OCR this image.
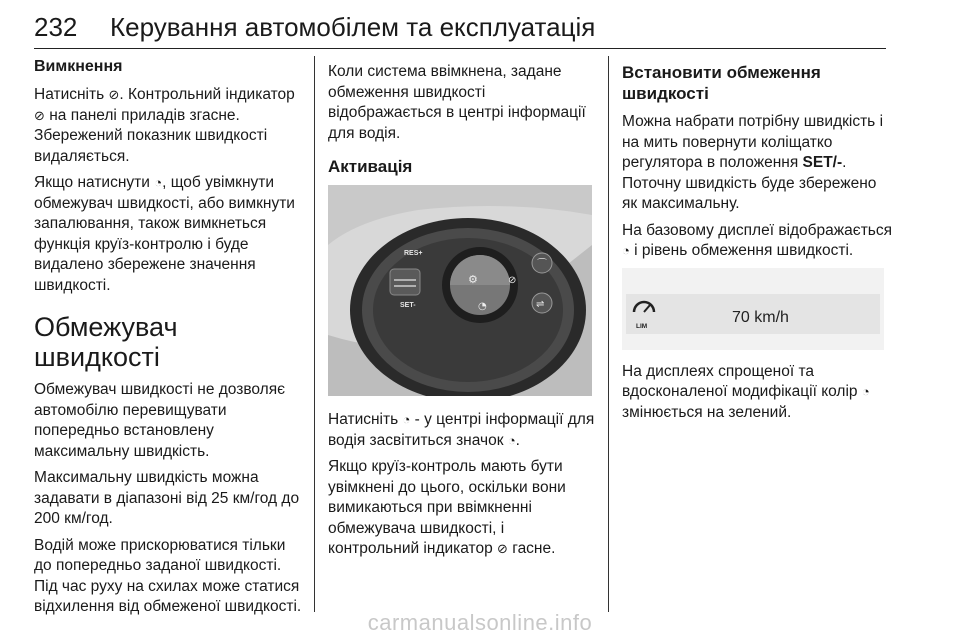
232 Керування автомобілем та експлуатація
Вимкнення

Натисніть ⊘. Контрольний індикатор ⊘ на панелі приладів згасне. Збережений показник швидкості видаляється.

Якщо натиснути ◔, щоб увімкнути обмежувач швидкості, або вимкнути запалювання, також вимкнеться функція круїз-контролю і буде видалено збережене значення швидкості.

Обмежувач швидкості

Обмежувач швидкості не дозволяє автомобілю перевищувати попередньо встановлену максимальну швидкість.

Максимальну швидкість можна задавати в діапазоні від 25 км/год до 200 км/год.

Водій може прискорюватися тільки до попередньо заданої швидкості. Під час руху на схилах може статися відхилення від обмеженої швидкості.

Коли система ввімкнена, задане обмеження швидкості відображається в центрі інформації для водія.

Активація
RES+
SET-
⚙	⊘
◔
⌒
⇌

Натисніть ◔ - у центрі інформації для водія засвітиться значок ◔.

Якщо круїз-контроль мають бути увімкнені до цього, оскільки вони вимикаються при ввімкненні обмежувача швидкості, і контрольний індикатор ⊘ гасне.

Встановити обмеження швидкості

Можна набрати потрібну швидкість і на мить повернути коліщатко регулятора в положення SET/-. Поточну швидкість буде збережено як максимальну.

На базовому дисплеї відображається ◔ і рівень обмеження швидкості.

LIM
70 km/h

На дисплеях спрощеної та вдосконаленої модифікації колір ◔ змінюється на зелений.

carmanualsonline.info
